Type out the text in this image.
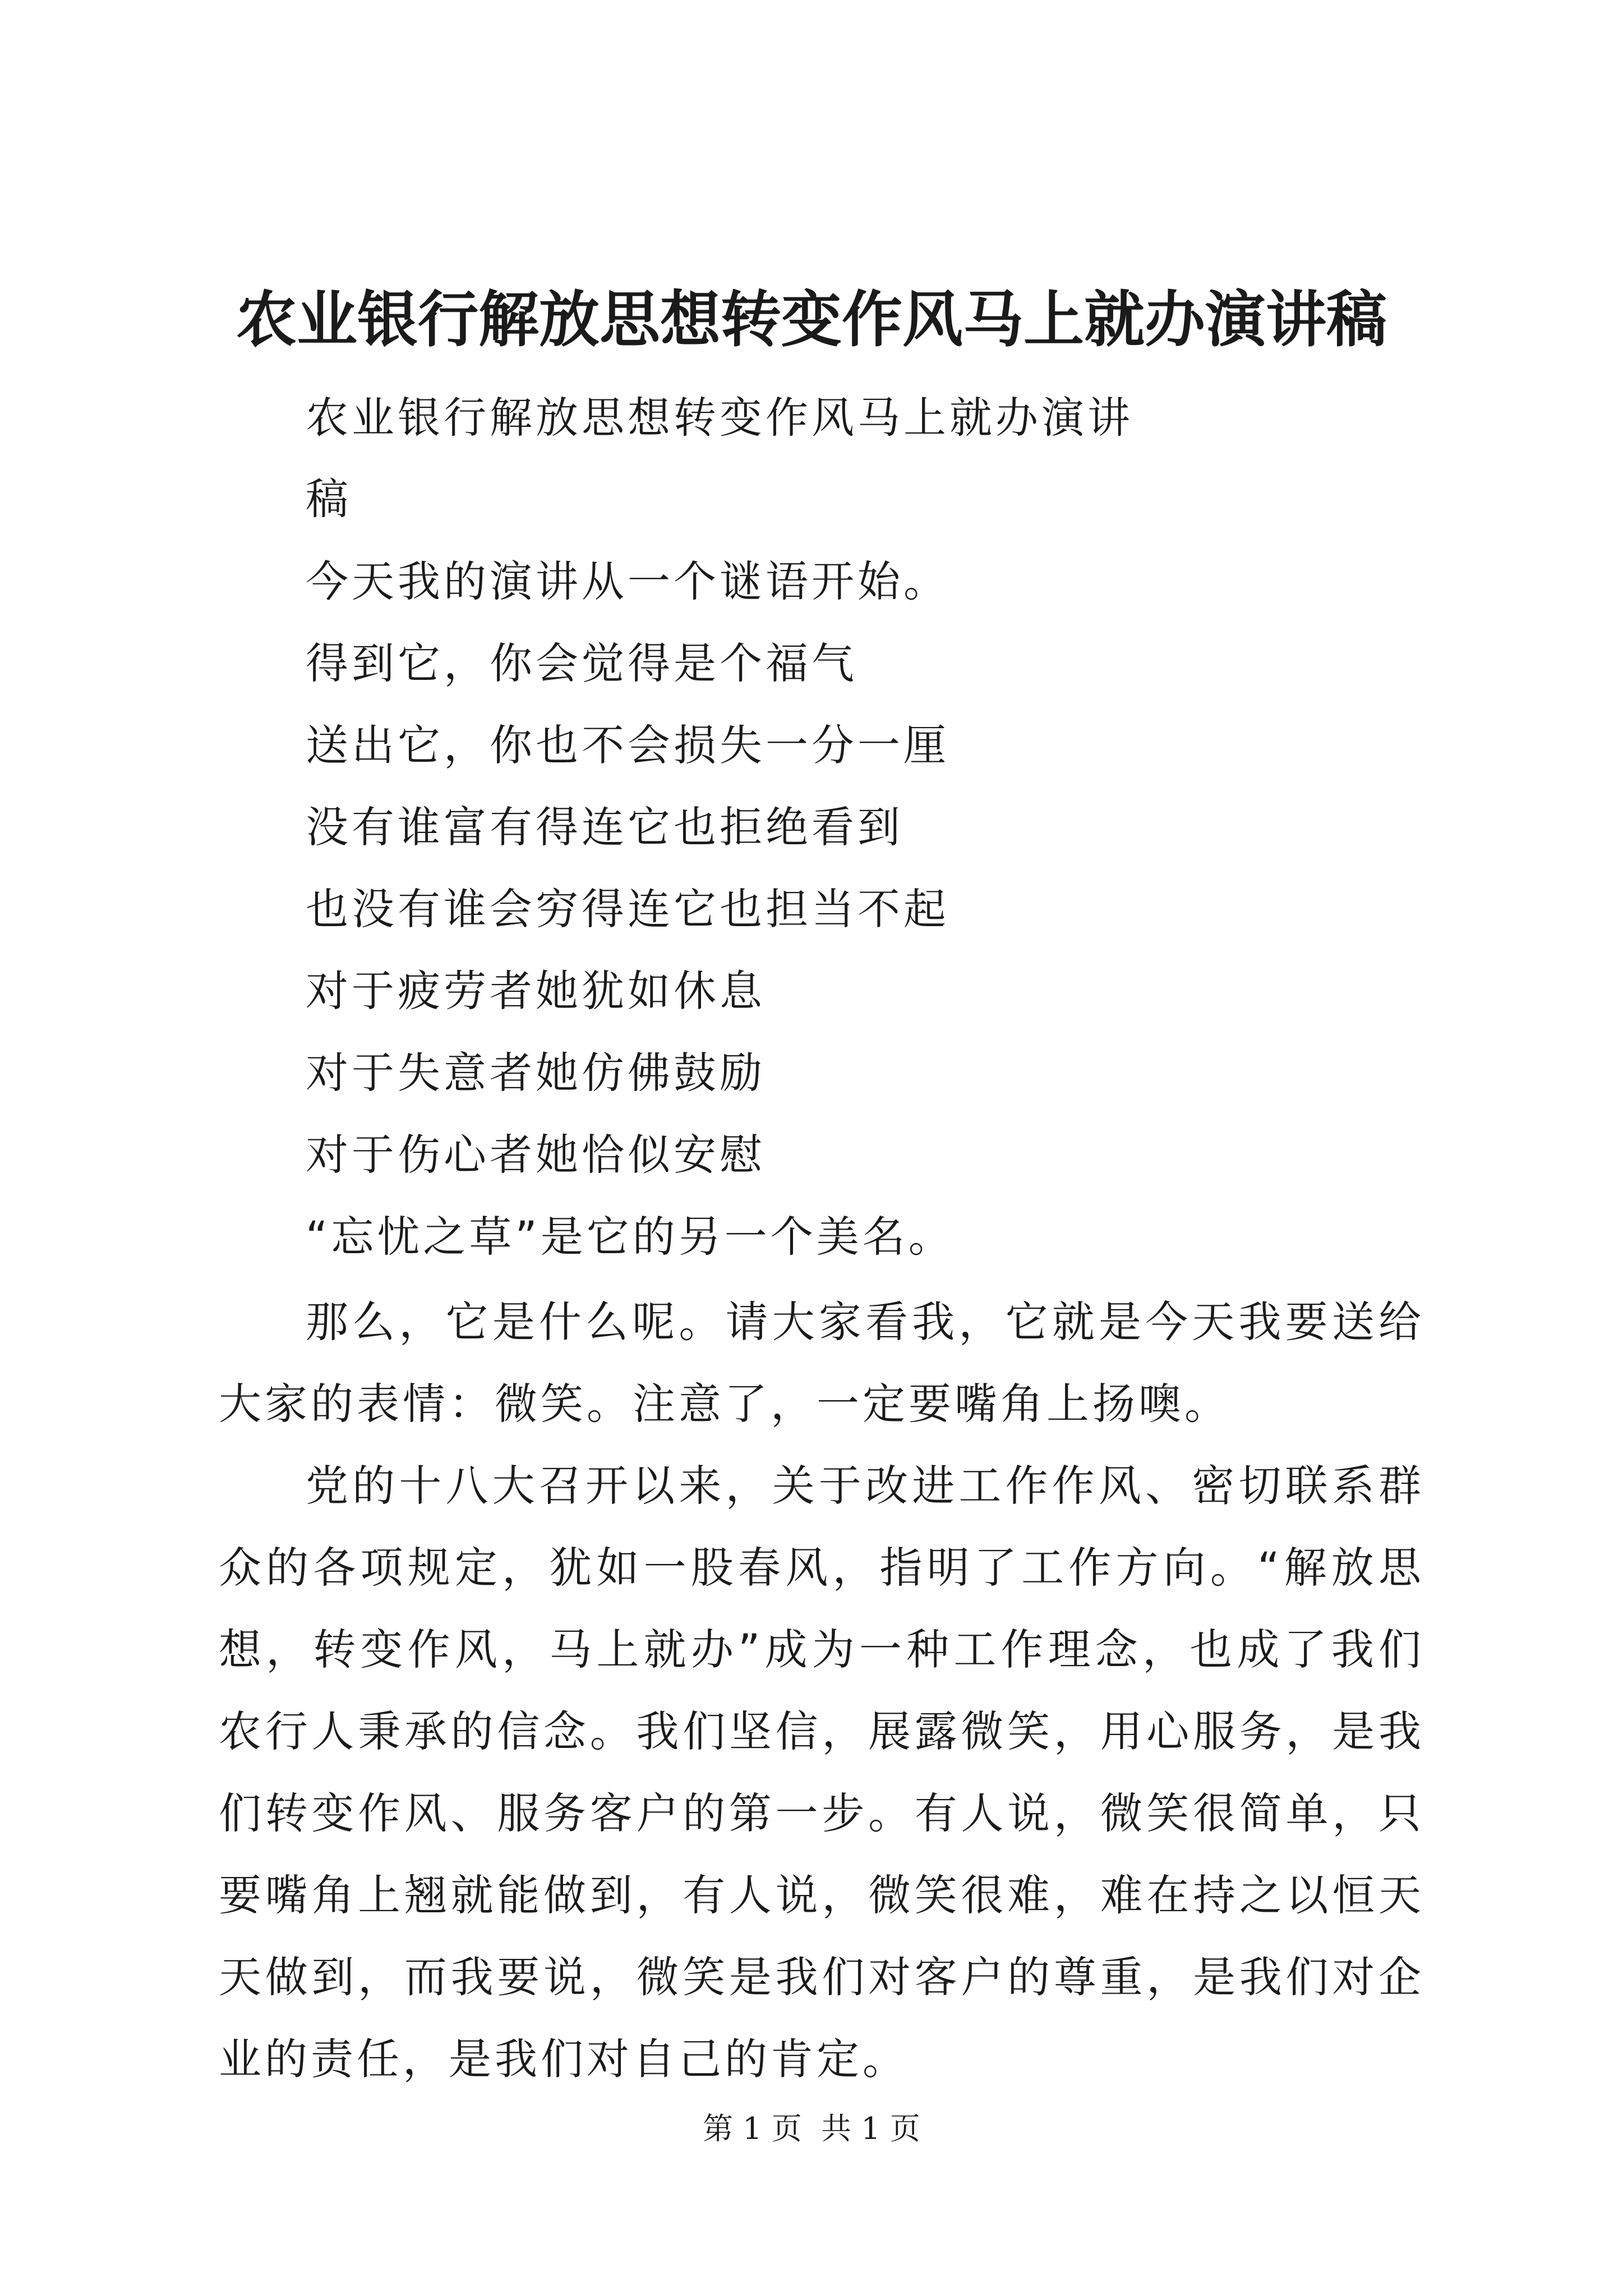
农业银行解放思想转变作风马上就办演讲稿
农业银行解放思想转变作风马上就办演讲
稿
今天我的演讲从一个谜语开始。
得到它，你会觉得是个福气
送出它，你也不会损失一分一厘
没有谁富有得连它也拒绝看到
也没有谁会穷得连它也担当不起
对于疲劳者她犹如休息
对于失意者她仿佛鼓励
对于伤心者她恰似安慰
“忘忧之草”是它的另一个美名。

那么，它是什么呢。请大家看我，它就是今天我要送给大家的表情：微笑。注意了，一定要嘴角上扬噢。

党的十八大召开以来，关于改进工作作风、密切联系群众的各项规定，犹如一股春风，指明了工作方向。“解放思想，转变作风，马上就办”成为一种工作理念，也成了我们农行人秉承的信念。我们坚信，展露微笑，用心服务，是我们转变作风、服务客户的第一步。有人说，微笑很简单，只要嘴角上翘就能做到，有人说，微笑很难，难在持之以恒天天做到，而我要说，微笑是我们对客户的尊重，是我们对企业的责任，是我们对自己的肯定。

第 1 页  共 1 页
